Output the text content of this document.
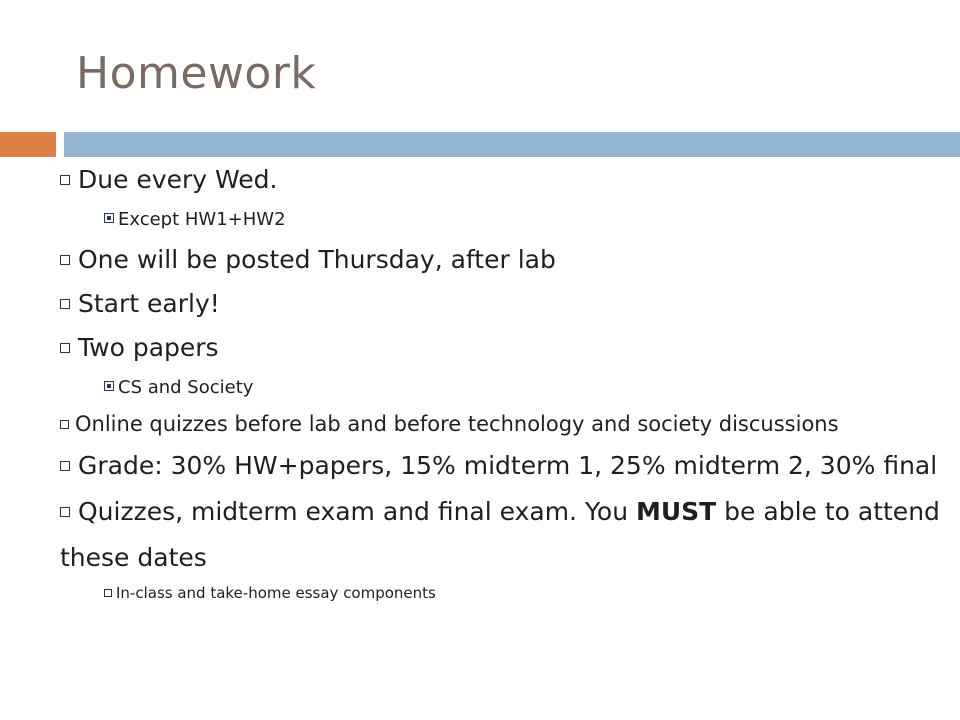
Homework
Due every Wed.
Except HW1+HW2
One will be posted Thursday, after lab
Start early!
Two papers
CS and Society
Online quizzes before lab and before technology and society discussions
Grade: 30% HW+papers, 15% midterm 1, 25% midterm 2, 30% final
Quizzes, midterm exam and final exam. You MUST be able to attend these dates
In-class and take-home essay components
